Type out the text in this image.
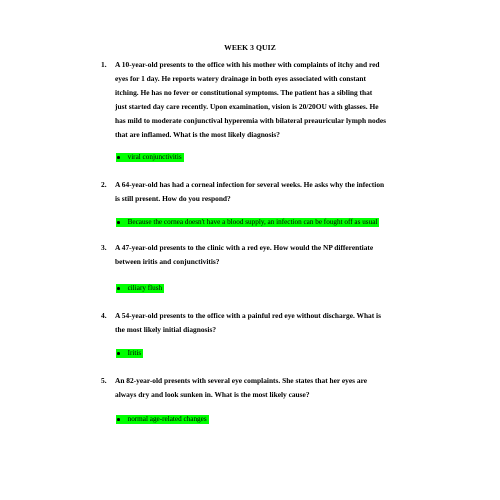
WEEK 3 QUIZ
1. A 10-year-old presents to the office with his mother with complaints of itchy and red eyes for 1 day. He reports watery drainage in both eyes associated with constant itching. He has no fever or constitutional symptoms. The patient has a sibling that just started day care recently. Upon examination, vision is 20/20OU with glasses. He has mild to moderate conjunctival hyperemia with bilateral preauricular lymph nodes that are inflamed. What is the most likely diagnosis?
viral conjunctivitis
2. A 64-year-old has had a corneal infection for several weeks. He asks why the infection is still present. How do you respond?
Because the cornea doesn't have a blood supply, an infection can be fought off as usual
3. A 47-year-old presents to the clinic with a red eye. How would the NP differentiate between iritis and conjunctivitis?
ciliary flush
4. A 54-year-old presents to the office with a painful red eye without discharge. What is the most likely initial diagnosis?
Iritis
5. An 82-year-old presents with several eye complaints. She states that her eyes are always dry and look sunken in. What is the most likely cause?
normal age-related changes
